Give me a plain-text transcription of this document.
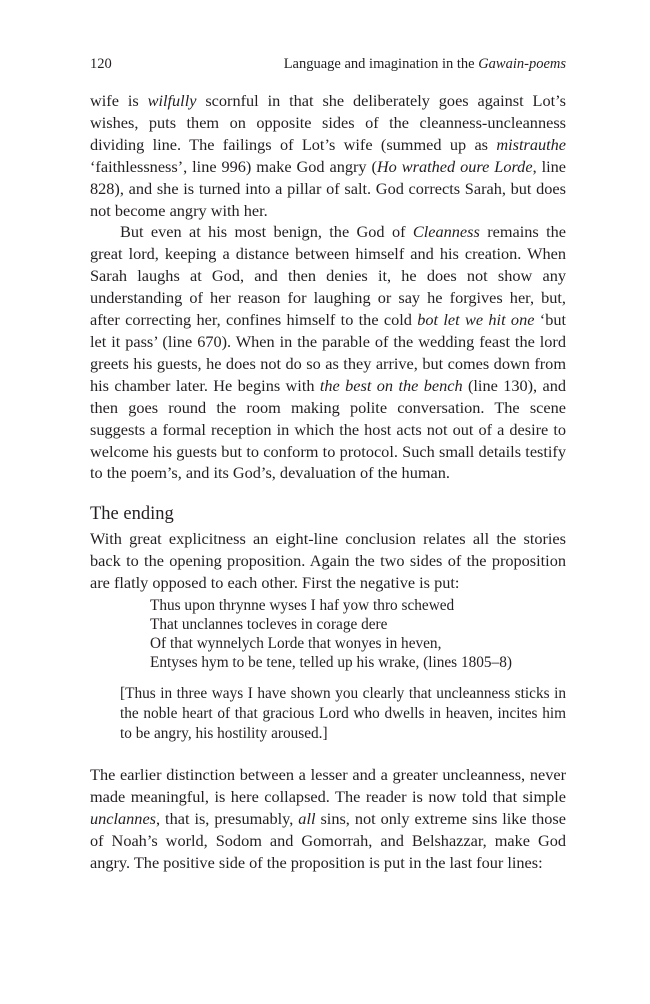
120	Language and imagination in the Gawain-poems

wife is wilfully scornful in that she deliberately goes against Lot’s wishes, puts them on opposite sides of the cleanness-uncleanness dividing line. The failings of Lot’s wife (summed up as mistrauthe ‘faithlessness’, line 996) make God angry (Ho wrathed oure Lorde, line 828), and she is turned into a pillar of salt. God corrects Sarah, but does not become angry with her.

But even at his most benign, the God of Cleanness remains the great lord, keeping a distance between himself and his creation. When Sarah laughs at God, and then denies it, he does not show any understanding of her reason for laughing or say he forgives her, but, after correcting her, confines himself to the cold bot let we hit one ‘but let it pass’ (line 670). When in the parable of the wedding feast the lord greets his guests, he does not do so as they arrive, but comes down from his chamber later. He begins with the best on the bench (line 130), and then goes round the room making polite conversation. The scene suggests a formal reception in which the host acts not out of a desire to welcome his guests but to conform to protocol. Such small details testify to the poem’s, and its God’s, devaluation of the human.

The ending

With great explicitness an eight-line conclusion relates all the stories back to the opening proposition. Again the two sides of the proposition are flatly opposed to each other. First the negative is put:

Thus upon thrynne wyses I haf yow thro schewed
That unclannes tocleves in corage dere
Of that wynnelych Lorde that wonyes in heven,
Entyses hym to be tene, telled up his wrake, (lines 1805–8)

[Thus in three ways I have shown you clearly that uncleanness sticks in the noble heart of that gracious Lord who dwells in heaven, incites him to be angry, his hostility aroused.]

The earlier distinction between a lesser and a greater uncleanness, never made meaningful, is here collapsed. The reader is now told that simple unclannes, that is, presumably, all sins, not only extreme sins like those of Noah’s world, Sodom and Gomorrah, and Belshazzar, make God angry. The positive side of the proposition is put in the last four lines:
